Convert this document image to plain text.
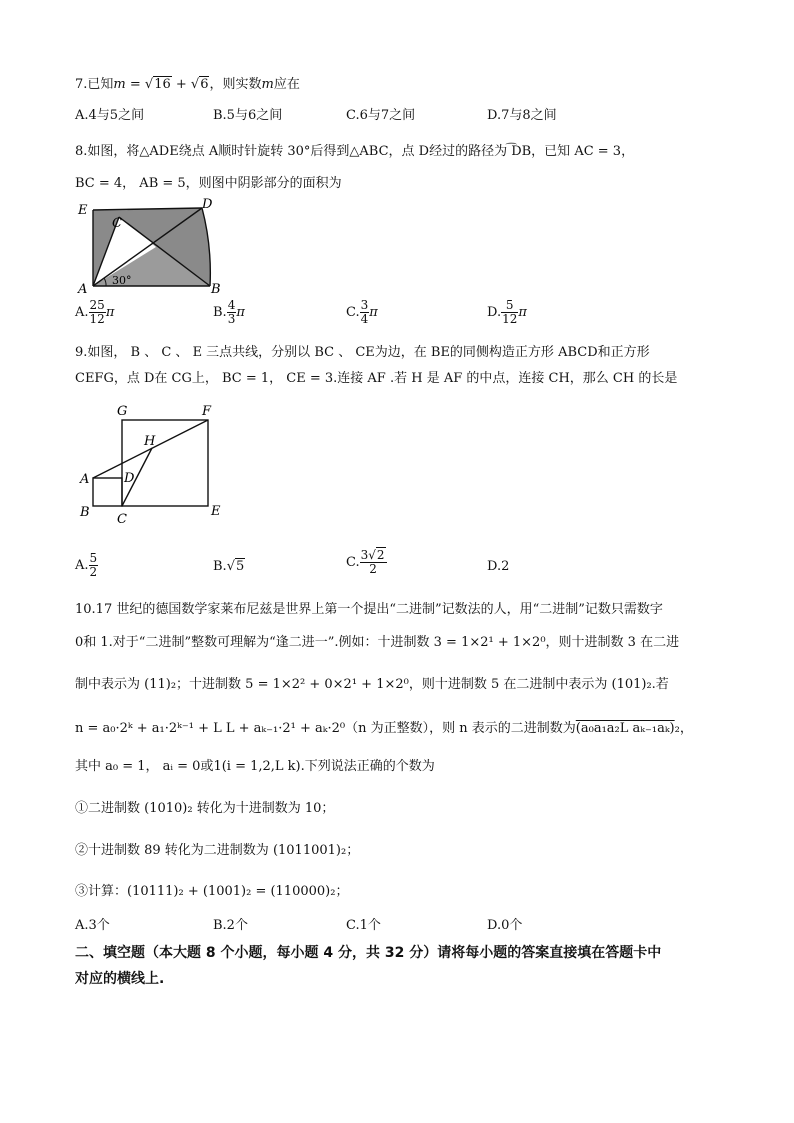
7.已知m = √16 + √6，则实数m应在
A.4与5之间	B.5与6之间	C.6与7之间	D.7与8之间
8.如图，将△ADE绕点 A顺时针旋转 30°后得到△ABC，点 D经过的路径为 ͡DB，已知 AC = 3，
BC = 4， AB = 5，则图中阴影部分的面积为
E	D
C
A	B
30°
A. $\frac{25}{12}$ π	B. $\frac{4}{3}$ π	C. $\frac{3}{4}$ π	D. $\frac{5}{12}$ π
9.如图， B 、 C 、 E 三点共线，分别以 BC 、 CE为边，在 BE的同侧构造正方形 ABCD和正方形
CEFG，点 D在 CG上， BC = 1， CE = 3.连接 AF .若 H 是 AF 的中点，连接 CH，那么 CH 的长是
G	F
H
A	D
B C
E
A. $\frac{5}{2}$	B.√5	C. $\frac{3√2}{2}$	D.2
10.17 世纪的德国数学家莱布尼兹是世界上第一个提出“二进制”记数法的人，用“二进制”记数只需数字
0和 1.对于“二进制”整数可理解为“逢二进一”.例如：十进制数 3 = 1×2¹ + 1×2⁰，则十进制数 3 在二进
制中表示为 (11)₂；十进制数 5 = 1×2² + 0×2¹ + 1×2⁰，则十进制数 5 在二进制中表示为 (101)₂.若
n = a₀·2ᵏ + a₁·2ᵏ⁻¹ + L L + aₖ₋₁·2¹ + aₖ·2⁰（n 为正整数），则 n 表示的二进制数为(a₀a₁a₂L aₖ₋₁aₖ)₂，
其中 a₀ = 1， aᵢ = 0或1(i = 1,2,L k).下列说法正确的个数为
①二进制数 (1010)₂ 转化为十进制数为 10；
②十进制数 89 转化为二进制数为 (1011001)₂；
③计算：(10111)₂ + (1001)₂ = (110000)₂；
A.3个	B.2个	C.1个	D.0个
二、填空题（本大题 8 个小题，每小题 4 分，共 32 分）请将每小题的答案直接填在答题卡中
对应的横线上.
